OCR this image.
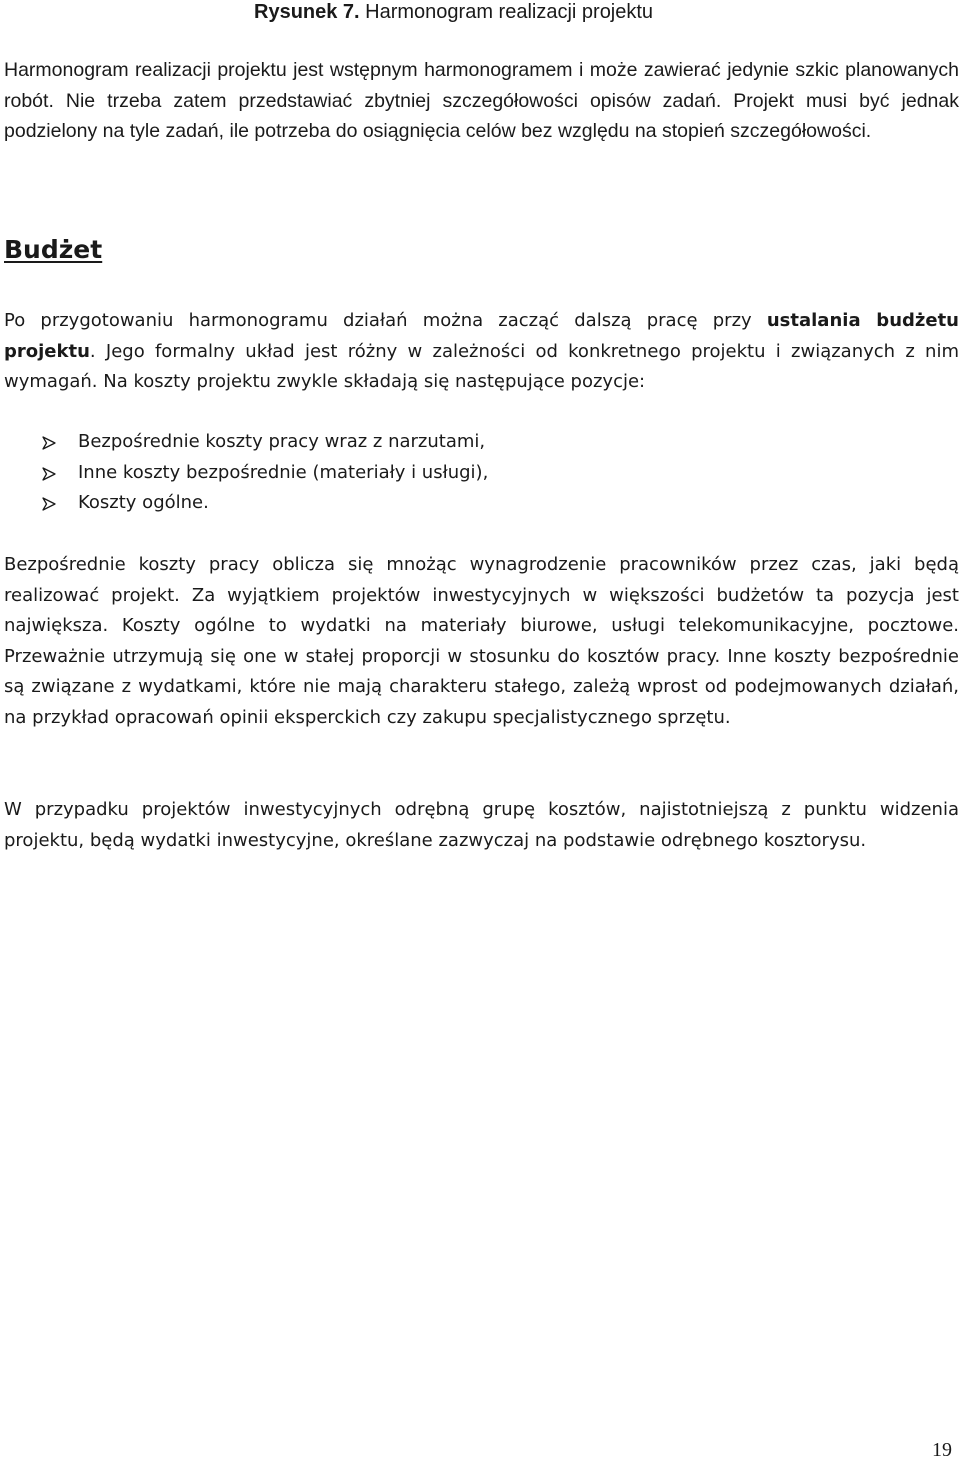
Rysunek 7. Harmonogram realizacji projektu

Harmonogram realizacji projektu jest wstępnym harmonogramem i może zawierać jedynie szkic planowanych robót. Nie trzeba zatem przedstawiać zbytniej szczegółowości opisów zadań. Projekt musi być jednak podzielony na tyle zadań, ile potrzeba do osiągnięcia celów bez względu na stopień szczegółowości.

Budżet

Po przygotowaniu harmonogramu działań można zacząć dalszą pracę przy ustalania budżetu projektu. Jego formalny układ jest różny w zależności od konkretnego projektu i związanych z nim wymagań. Na koszty projektu zwykle składają się następujące pozycje:

Bezpośrednie koszty pracy wraz z narzutami,
Inne koszty bezpośrednie (materiały i usługi),
Koszty ogólne.

Bezpośrednie koszty pracy oblicza się mnożąc wynagrodzenie pracowników przez czas, jaki będą realizować projekt. Za wyjątkiem projektów inwestycyjnych w większości budżetów ta pozycja jest największa. Koszty ogólne to wydatki na materiały biurowe, usługi telekomunikacyjne, pocztowe. Przeważnie utrzymują się one w stałej proporcji w stosunku do kosztów pracy. Inne koszty bezpośrednie są związane z wydatkami, które nie mają charakteru stałego, zależą wprost od podejmowanych działań, na przykład opracowań opinii eksperckich czy zakupu specjalistycznego sprzętu.

W przypadku projektów inwestycyjnych odrębną grupę kosztów, najistotniejszą z punktu widzenia projektu, będą wydatki inwestycyjne, określane zazwyczaj na podstawie odrębnego kosztorysu.

19
